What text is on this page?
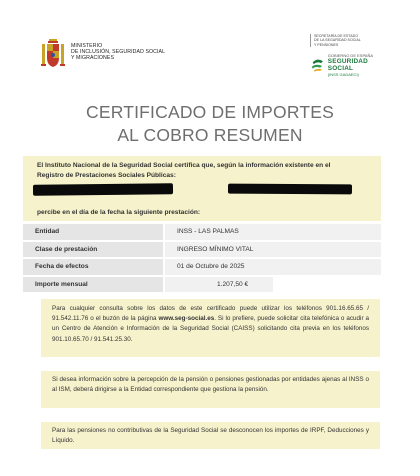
MINISTERIO
DE INCLUSIÓN, SEGURIDAD SOCIAL
Y MIGRACIONES
SECRETARÍA DE ESTADO
DE LA SEGURIDAD SOCIAL
Y PENSIONES
GOBIERNO DE ESPAÑA
SEGURIDAD SOCIAL
(INSS GADAECI)
CERTIFICADO DE IMPORTES
AL COBRO RESUMEN
El Instituto Nacional de la Seguridad Social certifica que, según la información existente en el
Registro de Prestaciones Sociales Públicas:
percibe en el día de la fecha la siguiente prestación:
Entidad	INSS - LAS PALMAS
Clase de prestación	INGRESO MÍNIMO VITAL
Fecha de efectos	01 de Octubre de 2025
Importe mensual	1.207,50 €
Para cualquier consulta sobre los datos de este certificado puede utilizar los teléfonos 901.16.65.65 / 91.542.11.76 o el buzón de la página www.seg-social.es. Si lo prefiere, puede solicitar cita telefónica o acudir a un Centro de Atención e Información de la Seguridad Social (CAISS) solicitando cita previa en los teléfonos 901.10.65.70 / 91.541.25.30.
Si desea información sobre la percepción de la pensión o pensiones gestionadas por entidades ajenas al INSS o al ISM, deberá dirigirse a la Entidad correspondiente que gestiona la pensión.
Para las pensiones no contributivas de la Seguridad Social se desconocen los importes de IRPF, Deducciones y Líquido.
